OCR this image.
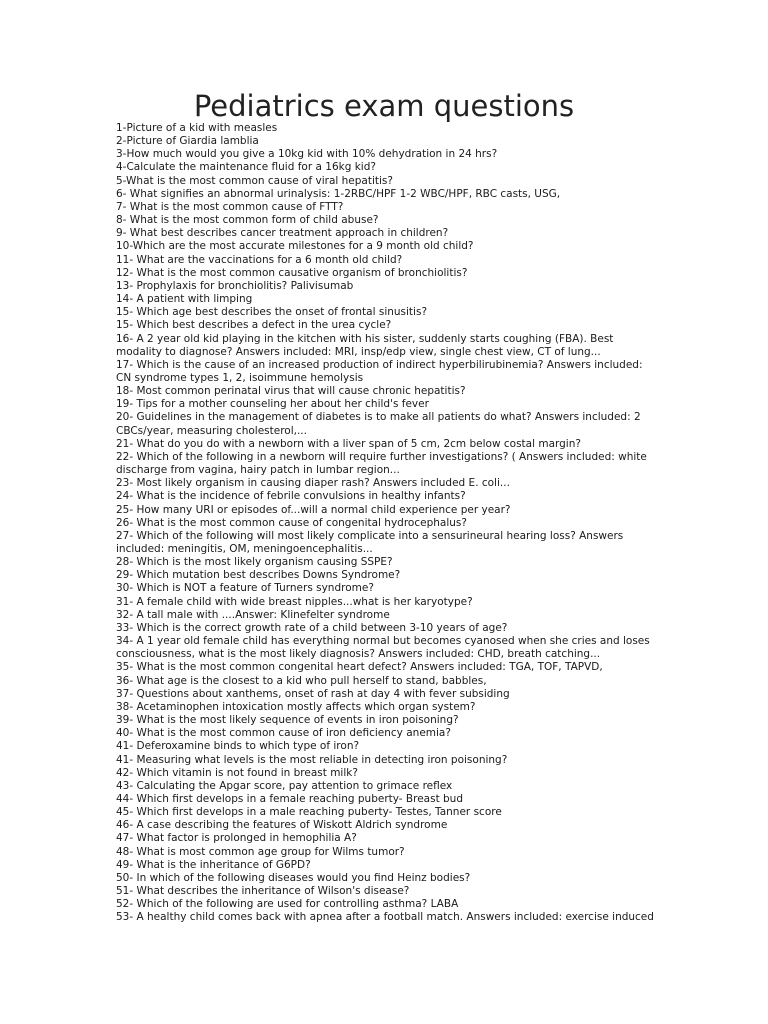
Pediatrics exam questions
1-Picture of a kid with measles
2-Picture of Giardia lamblia
3-How much would you give a 10kg kid with 10% dehydration in 24 hrs?
4-Calculate the maintenance fluid for a 16kg kid?
5-What is the most common cause of viral hepatitis?
6- What signifies an abnormal urinalysis: 1-2RBC/HPF 1-2 WBC/HPF, RBC casts, USG,
7- What is the most common cause of FTT?
8- What is the most common form of child abuse?
9- What best describes cancer treatment approach in children?
10-Which are the most accurate milestones for a 9 month old child?
11- What are the vaccinations for a 6 month old child?
12- What is the most common causative organism of bronchiolitis?
13- Prophylaxis for bronchiolitis? Palivisumab
14- A patient with limping
15- Which age best describes the onset of frontal sinusitis?
15- Which best describes a defect in the urea cycle?
16- A 2 year old kid playing in the kitchen with his sister, suddenly starts coughing (FBA). Best modality to diagnose? Answers included: MRI, insp/edp view, single chest view, CT of lung...
17- Which is the cause of an increased production of indirect hyperbilirubinemia? Answers included: CN syndrome types 1, 2, isoimmune hemolysis
18- Most common perinatal virus that will cause chronic hepatitis?
19- Tips for a mother counseling her about her child's fever
20- Guidelines in the management of diabetes is to make all patients do what? Answers included: 2 CBCs/year, measuring cholesterol,...
21- What do you do with a newborn with a liver span of 5 cm, 2cm below costal margin?
22- Which of the following in a newborn will require further investigations? ( Answers included: white discharge from vagina, hairy patch in lumbar region...
23- Most likely organism in causing diaper rash? Answers included E. coli...
24- What is the incidence of febrile convulsions in healthy infants?
25- How many URI or episodes of...will a normal child experience per year?
26- What is the most common cause of congenital hydrocephalus?
27- Which of the following will most likely complicate into a sensurineural hearing loss? Answers included: meningitis, OM, meningoencephalitis...
28- Which is the most likely organism causing SSPE?
29- Which mutation best describes Downs Syndrome?
30- Which is NOT a feature of Turners syndrome?
31- A female child with wide breast nipples...what is her karyotype?
32- A tall male with ....Answer: Klinefelter syndrome
33- Which is the correct growth rate of a child between 3-10 years of age?
34- A 1 year old female child has everything normal but becomes cyanosed when she cries and loses consciousness, what is the most likely diagnosis? Answers included: CHD, breath catching...
35- What is the most common congenital heart defect? Answers included: TGA, TOF, TAPVD,
36- What age is the closest to a kid who pull herself to stand, babbles,
37- Questions about xanthems, onset of rash at day 4 with fever subsiding
38- Acetaminophen intoxication mostly affects which organ system?
39- What is the most likely sequence of events in iron poisoning?
40- What is the most common cause of iron deficiency anemia?
41- Deferoxamine binds to which type of iron?
41- Measuring what levels is the most reliable in detecting iron poisoning?
42- Which vitamin is not found in breast milk?
43- Calculating the Apgar score, pay attention to grimace reflex
44- Which first develops in a female reaching puberty- Breast bud
45- Which first develops in a male reaching puberty- Testes, Tanner score
46- A case describing the features of Wiskott Aldrich syndrome
47- What factor is prolonged in hemophilia A?
48- What is most common age group for Wilms tumor?
49- What is the inheritance of G6PD?
50- In which of the following diseases would you find Heinz bodies?
51- What describes the inheritance of Wilson's disease?
52- Which of the following are used for controlling asthma? LABA
53- A healthy child comes back with apnea after a football match. Answers included: exercise induced
